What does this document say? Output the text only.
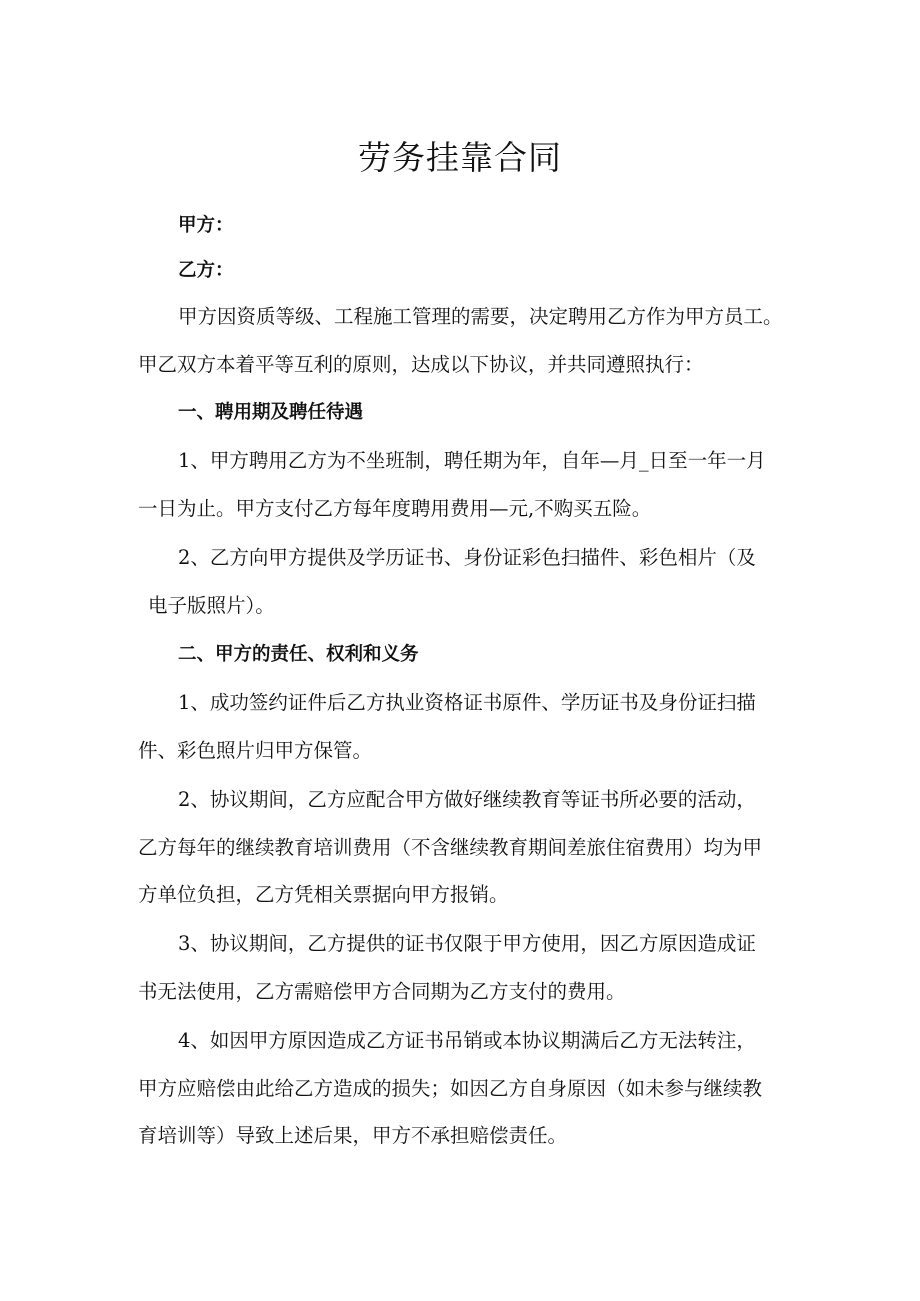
劳务挂靠合同

甲方：

乙方：

甲方因资质等级、工程施工管理的需要，决定聘用乙方作为甲方员工。

甲乙双方本着平等互利的原则，达成以下协议，并共同遵照执行：

一、聘用期及聘任待遇

1、甲方聘用乙方为不坐班制，聘任期为年，自年—月_日至一年一月

一日为止。甲方支付乙方每年度聘用费用—元,不购买五险。

2、乙方向甲方提供及学历证书、身份证彩色扫描件、彩色相片（及

电子版照片）。

二、甲方的责任、权利和义务

1、成功签约证件后乙方执业资格证书原件、学历证书及身份证扫描

件、彩色照片归甲方保管。

2、协议期间，乙方应配合甲方做好继续教育等证书所必要的活动，

乙方每年的继续教育培训费用（不含继续教育期间差旅住宿费用）均为甲

方单位负担，乙方凭相关票据向甲方报销。

3、协议期间，乙方提供的证书仅限于甲方使用，因乙方原因造成证

书无法使用，乙方需赔偿甲方合同期为乙方支付的费用。

4、如因甲方原因造成乙方证书吊销或本协议期满后乙方无法转注，

甲方应赔偿由此给乙方造成的损失；如因乙方自身原因（如未参与继续教

育培训等）导致上述后果，甲方不承担赔偿责任。
